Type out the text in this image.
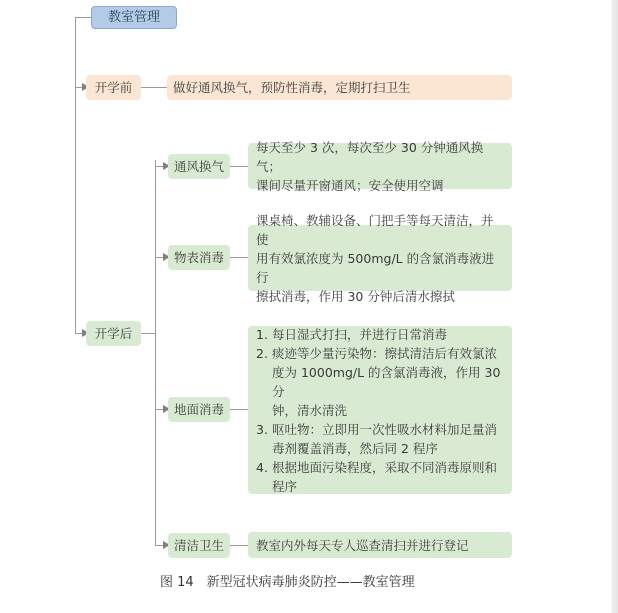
教室管理
开学前	做好通风换气，预防性消毒，定期打扫卫生
开学后
通风换气
每天至少 3 次，每次至少 30 分钟通风换气；
课间尽量开窗通风；安全使用空调
物表消毒
课桌椅、教辅设备、门把手等每天清洁，并使
用有效氯浓度为 500mg/L 的含氯消毒液进行
擦拭消毒，作用 30 分钟后清水擦拭
地面消毒
1. 每日湿式打扫，并进行日常消毒
2. 痰迹等少量污染物：擦拭清洁后有效氯浓
度为 1000mg/L 的含氯消毒液，作用 30 分
钟，清水清洗
3. 呕吐物：立即用一次性吸水材料加足量消
毒剂覆盖消毒，然后同 2 程序
4. 根据地面污染程度，采取不同消毒原则和
程序
清洁卫生	教室内外每天专人巡查清扫并进行登记
图 14　新型冠状病毒肺炎防控——教室管理
